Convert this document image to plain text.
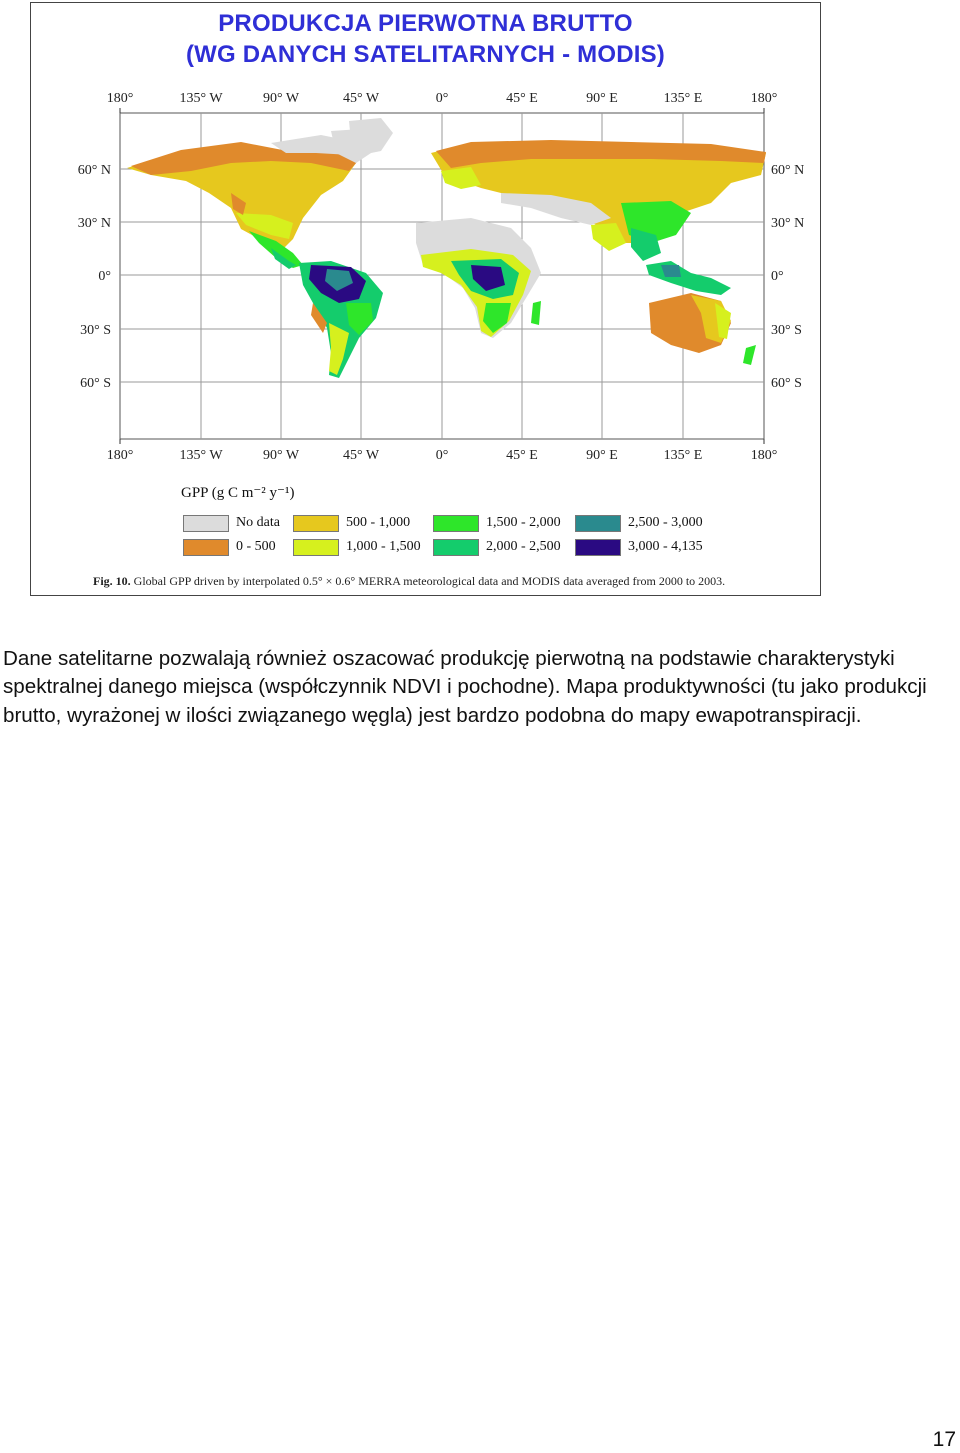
PRODUKCJA PIERWOTNA BRUTTO
(WG DANYCH SATELITARNYCH - MODIS)
180°	135° W	90° W	45° W	0°	45° E	90° E	135° E	180°
180°	135° W	90° W	45° W	0°	45° E	90° E	135° E	180°
60° N
30° N
0°
30° S
60° S
60° N
30° N
0°
30° S
60° S
GPP (g C m⁻² y⁻¹)
No data
0 - 500
500 - 1,000
1,000 - 1,500
1,500 - 2,000
2,000 - 2,500
2,500 - 3,000
3,000 - 4,135
Fig. 10. Global GPP driven by interpolated 0.5° × 0.6° MERRA meteorological data and MODIS data averaged from 2000 to 2003.
Dane satelitarne pozwalają również oszacować produkcję pierwotną na podstawie charakterystyki spektralnej danego miejsca (współczynnik NDVI i pochodne). Mapa produktywności (tu jako produkcji brutto, wyrażonej w ilości związanego węgla) jest bardzo podobna do mapy ewapotranspiracji.
17
